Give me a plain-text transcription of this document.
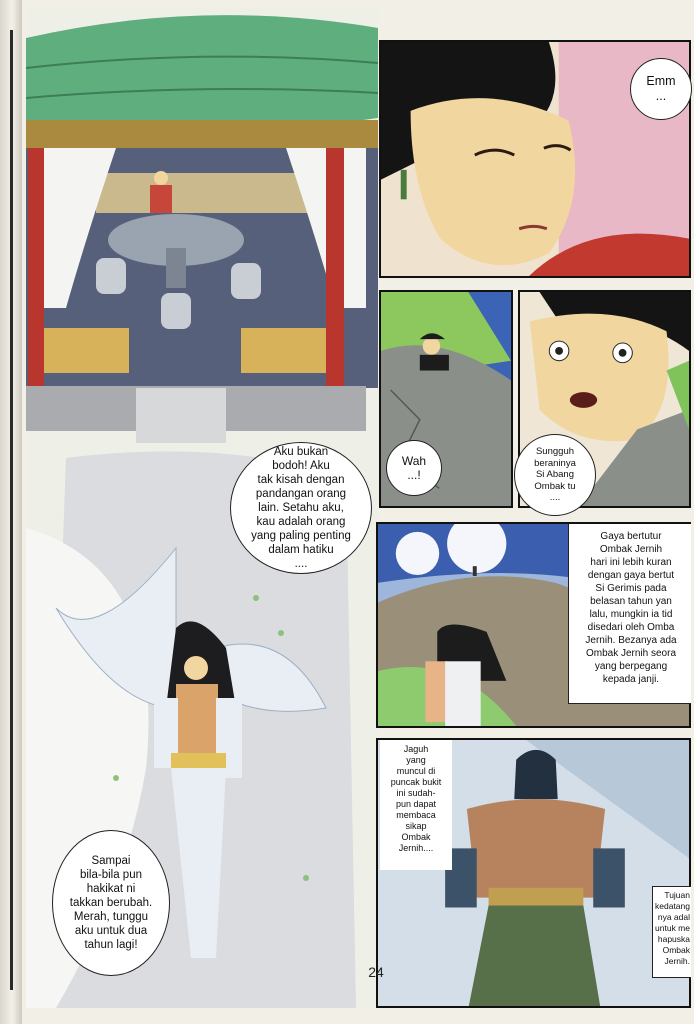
Aku bukan
bodoh! Aku
tak kisah dengan
pandangan orang
lain. Setahu aku,
kau adalah orang
yang paling penting
dalam hatiku
....
Sampai
bila-bila pun
hakikat ni
takkan berubah.
Merah, tunggu
aku untuk dua
tahun lagi!
Emm
...
Wah
...!
Sungguh
beraninya
Si Abang
Ombak tu
....
Gaya bertutur
Ombak Jernih
hari ini lebih kuran
dengan gaya bertut
Si Gerimis pada
belasan tahun yan
lalu, mungkin ia tid
disedari oleh Omba
Jernih. Bezanya ada
Ombak Jernih seora
yang berpegang
kepada janji.
Jaguh
yang
muncul di
puncak bukit
ini sudah-
pun dapat
membaca
sikap
Ombak
Jernih....
Tujuan
kedatang
nya adal
untuk me
hapuska
Ombak
Jernih.
24
